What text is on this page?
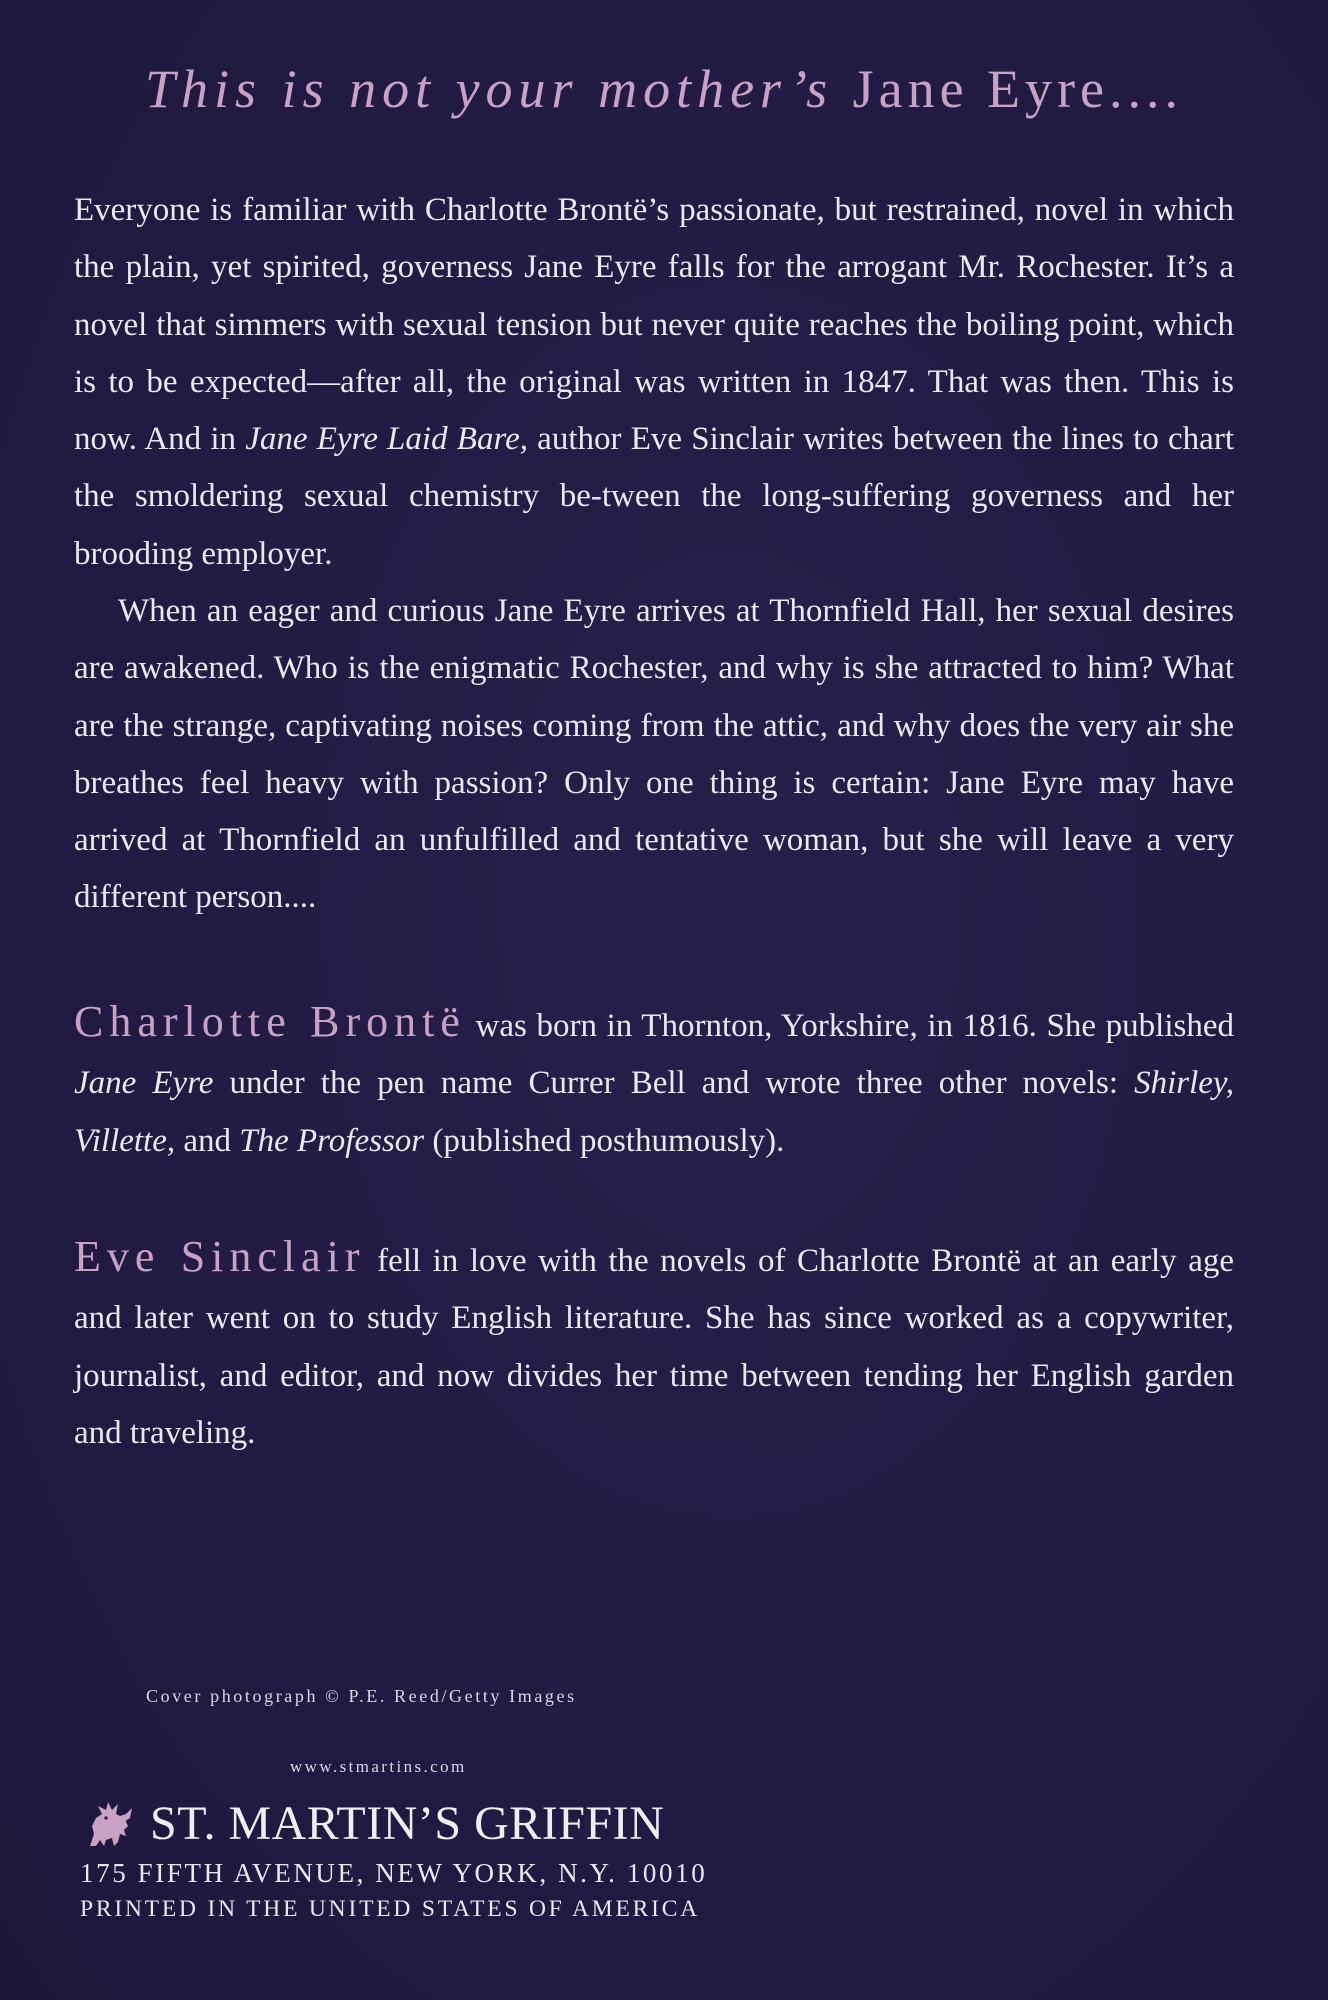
This is not your mother’s Jane Eyre....
Everyone is familiar with Charlotte Brontë’s passionate, but restrained, novel in which the plain, yet spirited, governess Jane Eyre falls for the arrogant Mr. Rochester. It’s a novel that simmers with sexual tension but never quite reaches the boiling point, which is to be expected—after all, the original was written in 1847. That was then. This is now. And in Jane Eyre Laid Bare, author Eve Sinclair writes between the lines to chart the smoldering sexual chemistry be-tween the long-suffering governess and her brooding employer.
When an eager and curious Jane Eyre arrives at Thornfield Hall, her sexual desires are awakened. Who is the enigmatic Rochester, and why is she attracted to him? What are the strange, captivating noises coming from the attic, and why does the very air she breathes feel heavy with passion? Only one thing is certain: Jane Eyre may have arrived at Thornfield an unfulfilled and tentative woman, but she will leave a very different person....
Charlotte Brontë was born in Thornton, Yorkshire, in 1816. She published Jane Eyre under the pen name Currer Bell and wrote three other novels: Shirley, Villette, and The Professor (published posthumously).
Eve Sinclair fell in love with the novels of Charlotte Brontë at an early age and later went on to study English literature. She has since worked as a copywriter, journalist, and editor, and now divides her time between tending her English garden and traveling.
Cover photograph © P.E. Reed/Getty Images
www.stmartins.com
ST. MARTIN’S GRIFFIN
175 FIFTH AVENUE, NEW YORK, N.Y. 10010
PRINTED IN THE UNITED STATES OF AMERICA
